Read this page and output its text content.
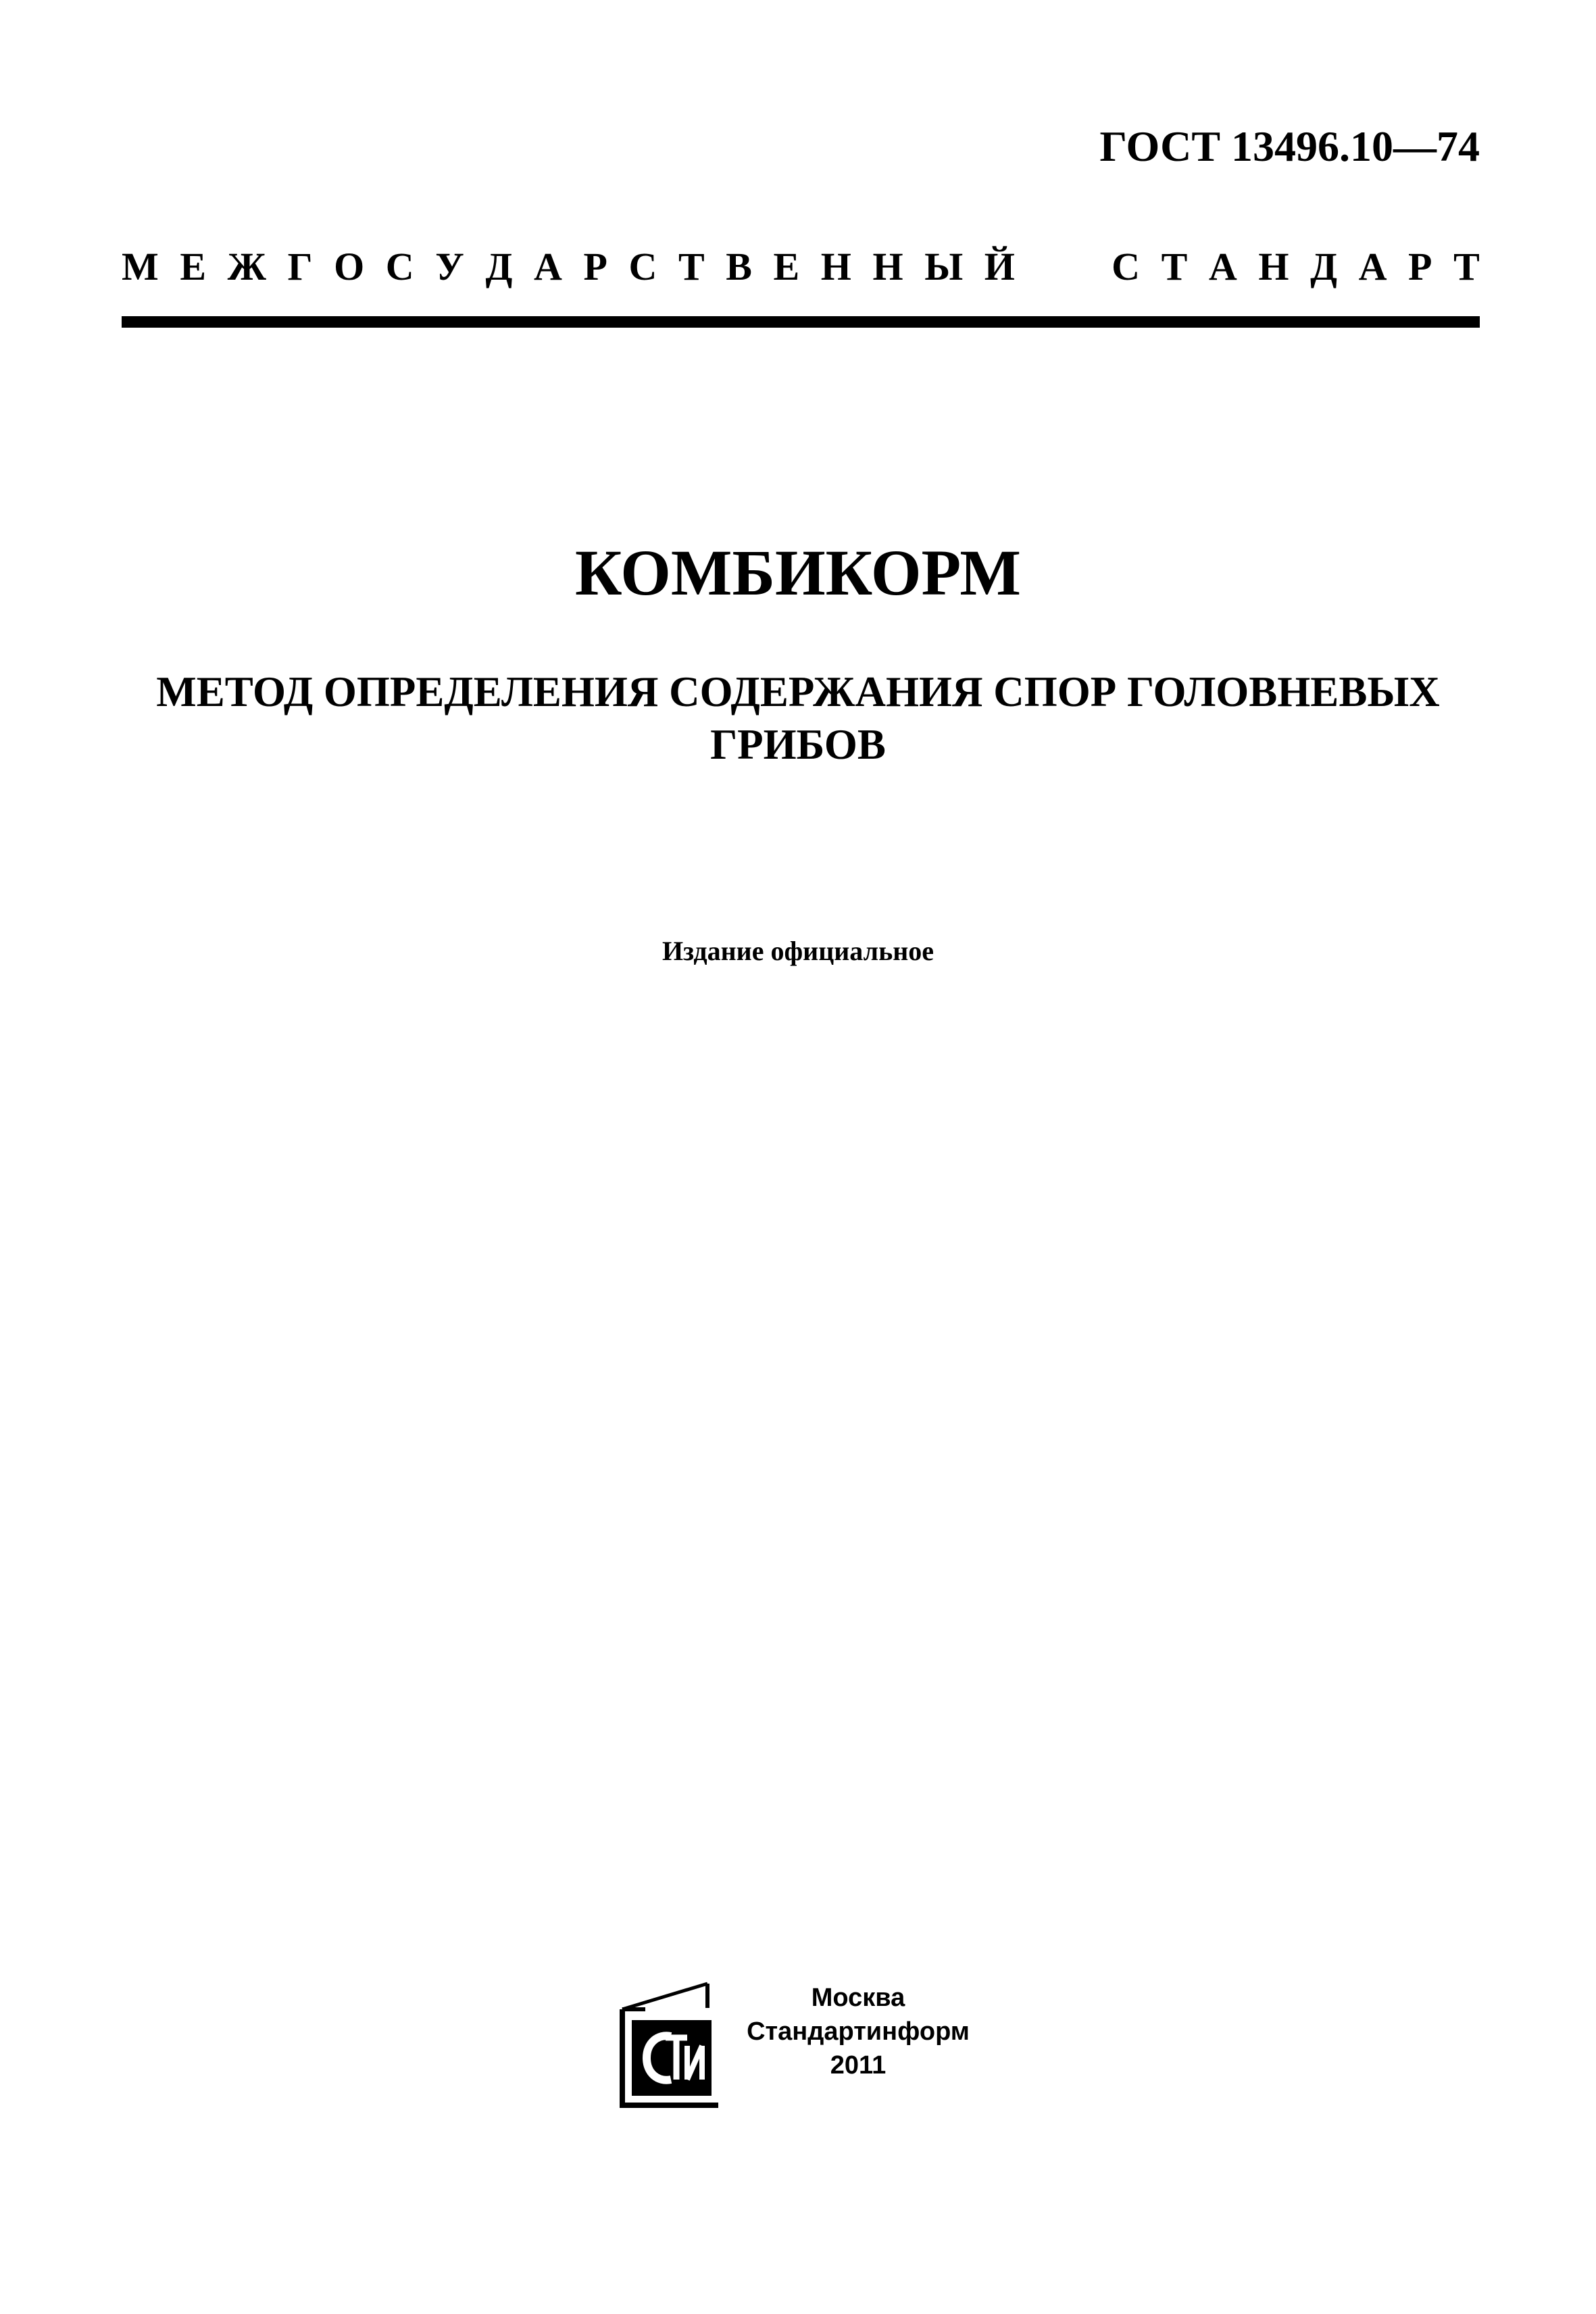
ГОСТ 13496.10—74
М Е Ж Г О С У Д А Р С Т В Е Н Н Ы Й С Т А Н Д А Р Т
КОМБИКОРМ
МЕТОД ОПРЕДЕЛЕНИЯ СОДЕРЖАНИЯ СПОР ГОЛОВНЕВЫХ
ГРИБОВ
Издание официальное
Москва
Стандартинформ
2011
